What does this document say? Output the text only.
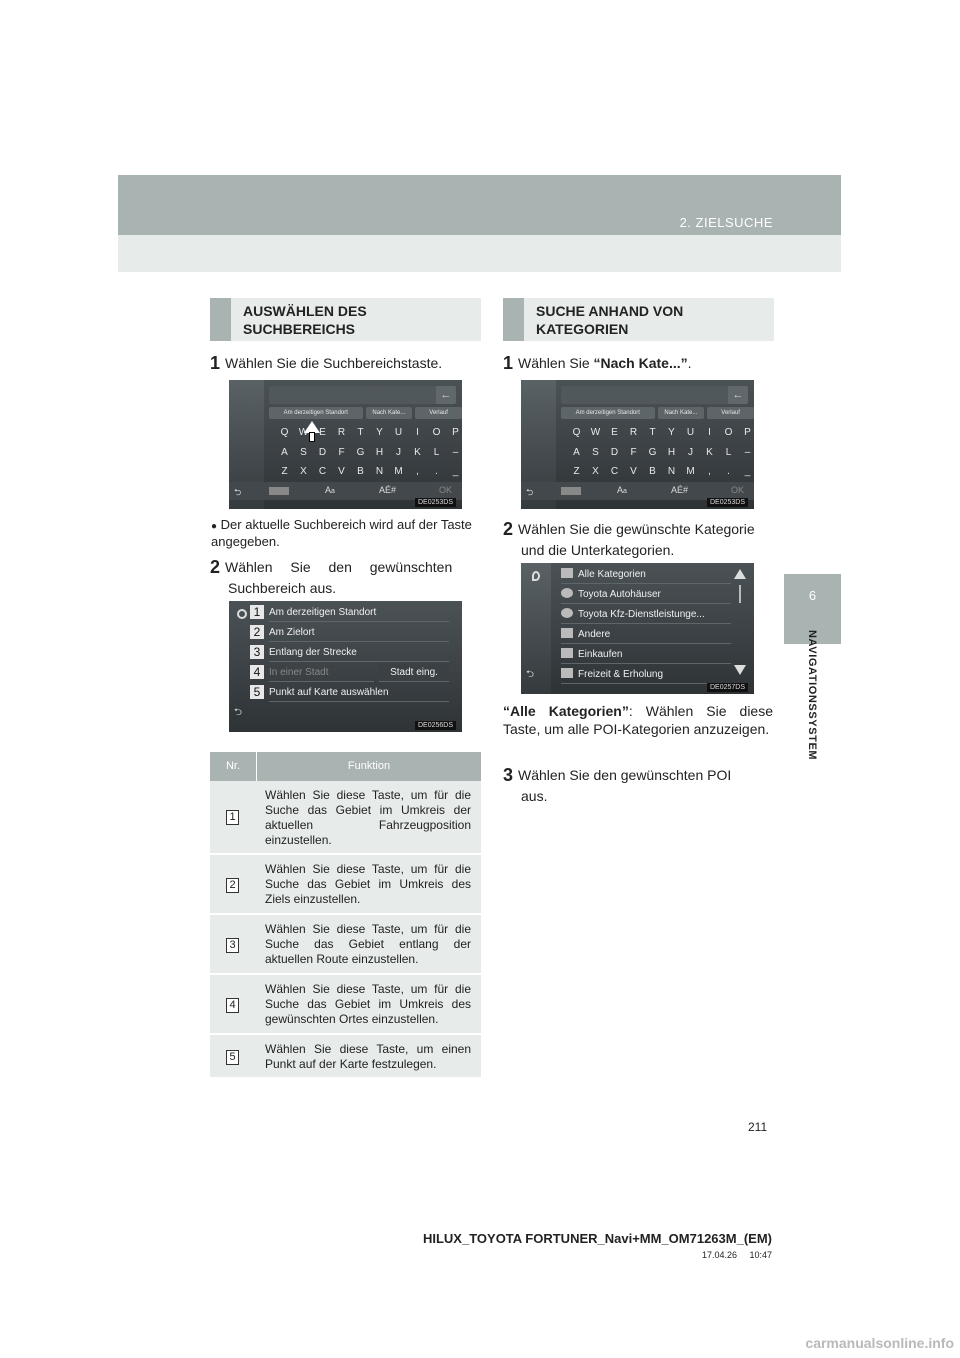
2. ZIELSUCHE
6
NAVIGATIONSSYSTEM
AUSWÄHLEN DES SUCHBEREICHS
SUCHE ANHAND VON KATEGORIEN
1 Wählen Sie die Suchbereichstaste.
←
Am derzeitigen Standort	Nach Kate...	Verlauf
Q	W	E	R	T	Y	U	I	O	P
A	S	D	F	G	H	J	K	L	–
Z	X	C	V	B	N	M	,	.	_
⮌	Aa	AÉ#	OK
DE0253DS
● Der aktuelle Suchbereich wird auf der Taste angegeben.
2 Wählen Sie den gewünschten
Suchbereich aus.
1 Am derzeitigen Standort
2 Am Zielort
3 Entlang der Strecke
4 In einer Stadt	Stadt eing.
5 Punkt auf Karte auswählen
⮌
DE0256DS
Nr.	Funktion
1
Wählen Sie diese Taste, um für die Suche das Gebiet im Umkreis der aktuellen Fahrzeugposition einzustellen.
2
Wählen Sie diese Taste, um für die Suche das Gebiet im Umkreis des Ziels einzustellen.
3
Wählen Sie diese Taste, um für die Suche das Gebiet entlang der aktuellen Route einzustellen.
4
Wählen Sie diese Taste, um für die Suche das Gebiet im Umkreis des gewünschten Ortes einzustellen.
5
Wählen Sie diese Taste, um einen Punkt auf der Karte festzulegen.
1 Wählen Sie “Nach Kate...”.
←
Am derzeitigen Standort	Nach Kate...	Verlauf
Q	W	E	R	T	Y	U	I	O	P
A	S	D	F	G	H	J	K	L	–
Z	X	C	V	B	N	M	,	.	_
⮌	Aa	AÉ#	OK
DE0253DS
2 Wählen Sie die gewünschte Kategorie
und die Unterkategorien.
Alle Kategorien
Toyota Autohäuser
Toyota Kfz-Dienstleistunge...
Andere
Einkaufen
Freizeit & Erholung
⮌
DE0257DS
“Alle Kategorien”: Wählen Sie diese Taste, um alle POI-Kategorien anzuzeigen.
3 Wählen Sie den gewünschten POI
aus.
211
HILUX_TOYOTA FORTUNER_Navi+MM_OM71263M_(EM)
17.04.26     10:47
carmanualsonline.info
